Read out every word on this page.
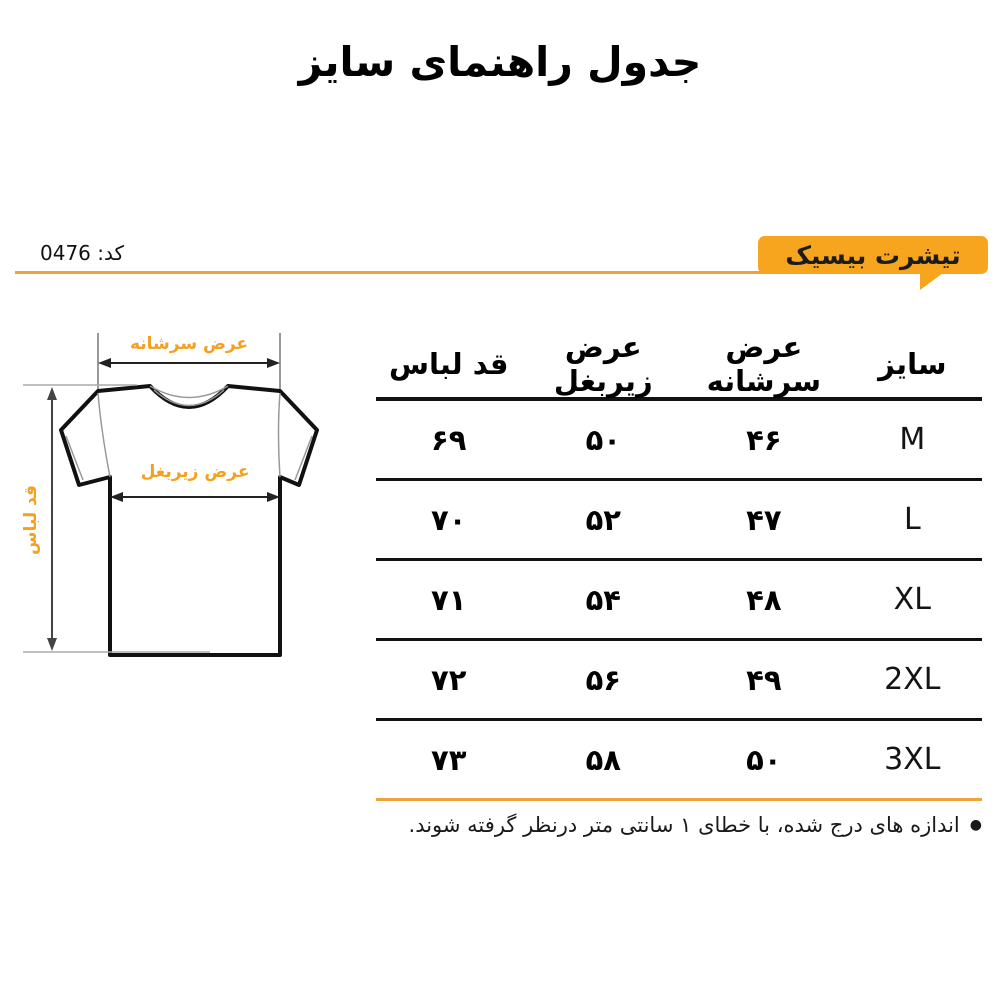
جدول راهنمای سایز
کد: 0476	تیشرت بیسیک
عرض سرشانه
عرض زیربغل
قد لباس
سایز
عرض سرشانه
عرض زیربغل
قد لباس
M
۴۶
۵۰
۶۹
L
۴۷
۵۲
۷۰
XL
۴۸
۵۴
۷۱
2XL
۴۹
۵۶
۷۲
3XL
۵۰
۵۸
۷۳
●
اندازه های درج شده، با خطای ۱ سانتی متر درنظر گرفته شوند.
